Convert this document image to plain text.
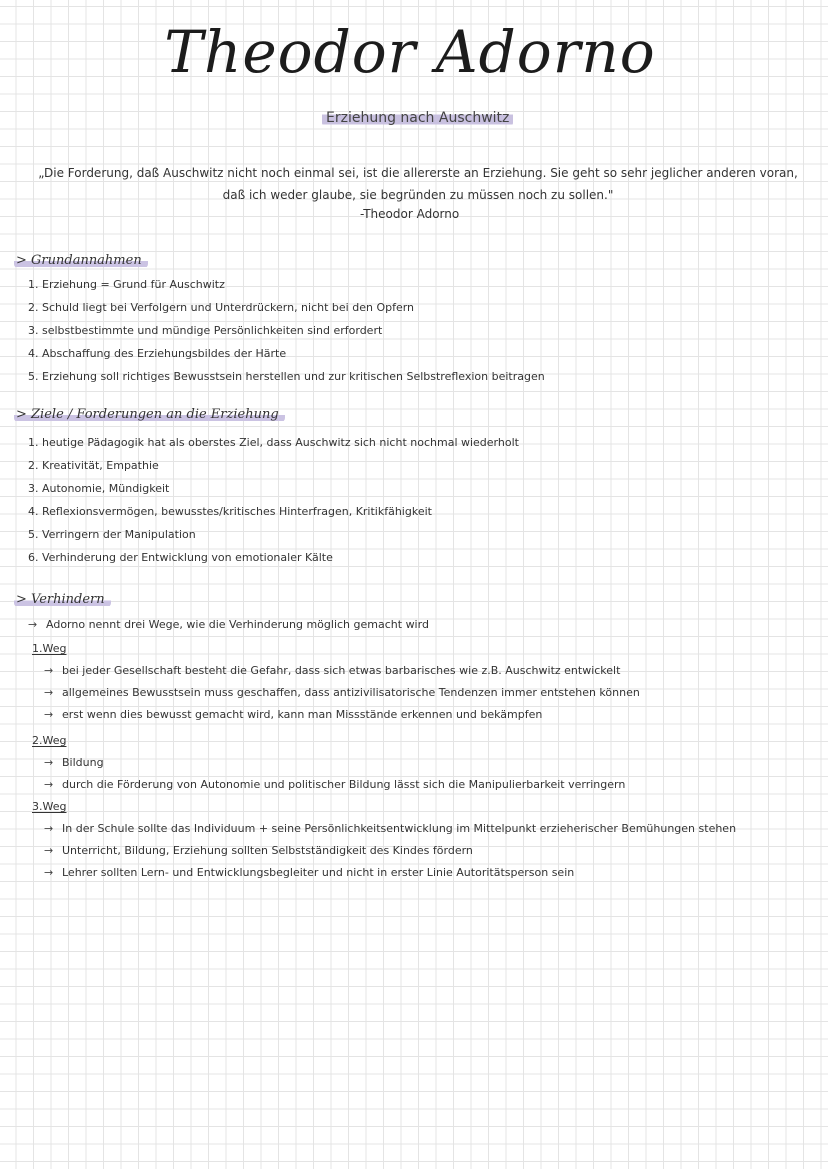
Theodor Adorno
Erziehung nach Auschwitz
„Die Forderung, daß Auschwitz nicht noch einmal sei, ist die allererste an Erziehung. Sie geht so sehr jeglicher anderen voran, daß ich weder glaube, sie begründen zu müssen noch zu sollen."
-Theodor Adorno
> Grundannahmen
1. Erziehung = Grund für Auschwitz
2. Schuld liegt bei Verfolgern und Unterdrückern, nicht bei den Opfern
3. selbstbestimmte und mündige Persönlichkeiten sind erfordert
4. Abschaffung des Erziehungsbildes der Härte
5. Erziehung soll richtiges Bewusstsein herstellen und zur kritischen Selbstreflexion beitragen
> Ziele / Forderungen an die Erziehung
1. heutige Pädagogik hat als oberstes Ziel, dass Auschwitz sich nicht nochmal wiederholt
2. Kreativität, Empathie
3. Autonomie, Mündigkeit
4. Reflexionsvermögen, bewusstes/kritisches Hinterfragen, Kritikfähigkeit
5. Verringern der Manipulation
6. Verhinderung der Entwicklung von emotionaler Kälte
> Verhindern
→ Adorno nennt drei Wege, wie die Verhinderung möglich gemacht wird
1.Weg
→ bei jeder Gesellschaft besteht die Gefahr, dass sich etwas barbarisches wie z.B. Auschwitz entwickelt
→ allgemeines Bewusstsein muss geschaffen, dass antizivilisatorische Tendenzen immer entstehen können
→ erst wenn dies bewusst gemacht wird, kann man Missstände erkennen und bekämpfen
2.Weg
→ Bildung
→ durch die Förderung von Autonomie und politischer Bildung lässt sich die Manipulierbarkeit verringern
3.Weg
→ In der Schule sollte das Individuum + seine Persönlichkeitsentwicklung im Mittelpunkt erzieherischer Bemühungen stehen
→ Unterricht, Bildung, Erziehung sollten Selbstständigkeit des Kindes fördern
→ Lehrer sollten Lern- und Entwicklungsbegleiter und nicht in erster Linie Autoritätsperson sein
